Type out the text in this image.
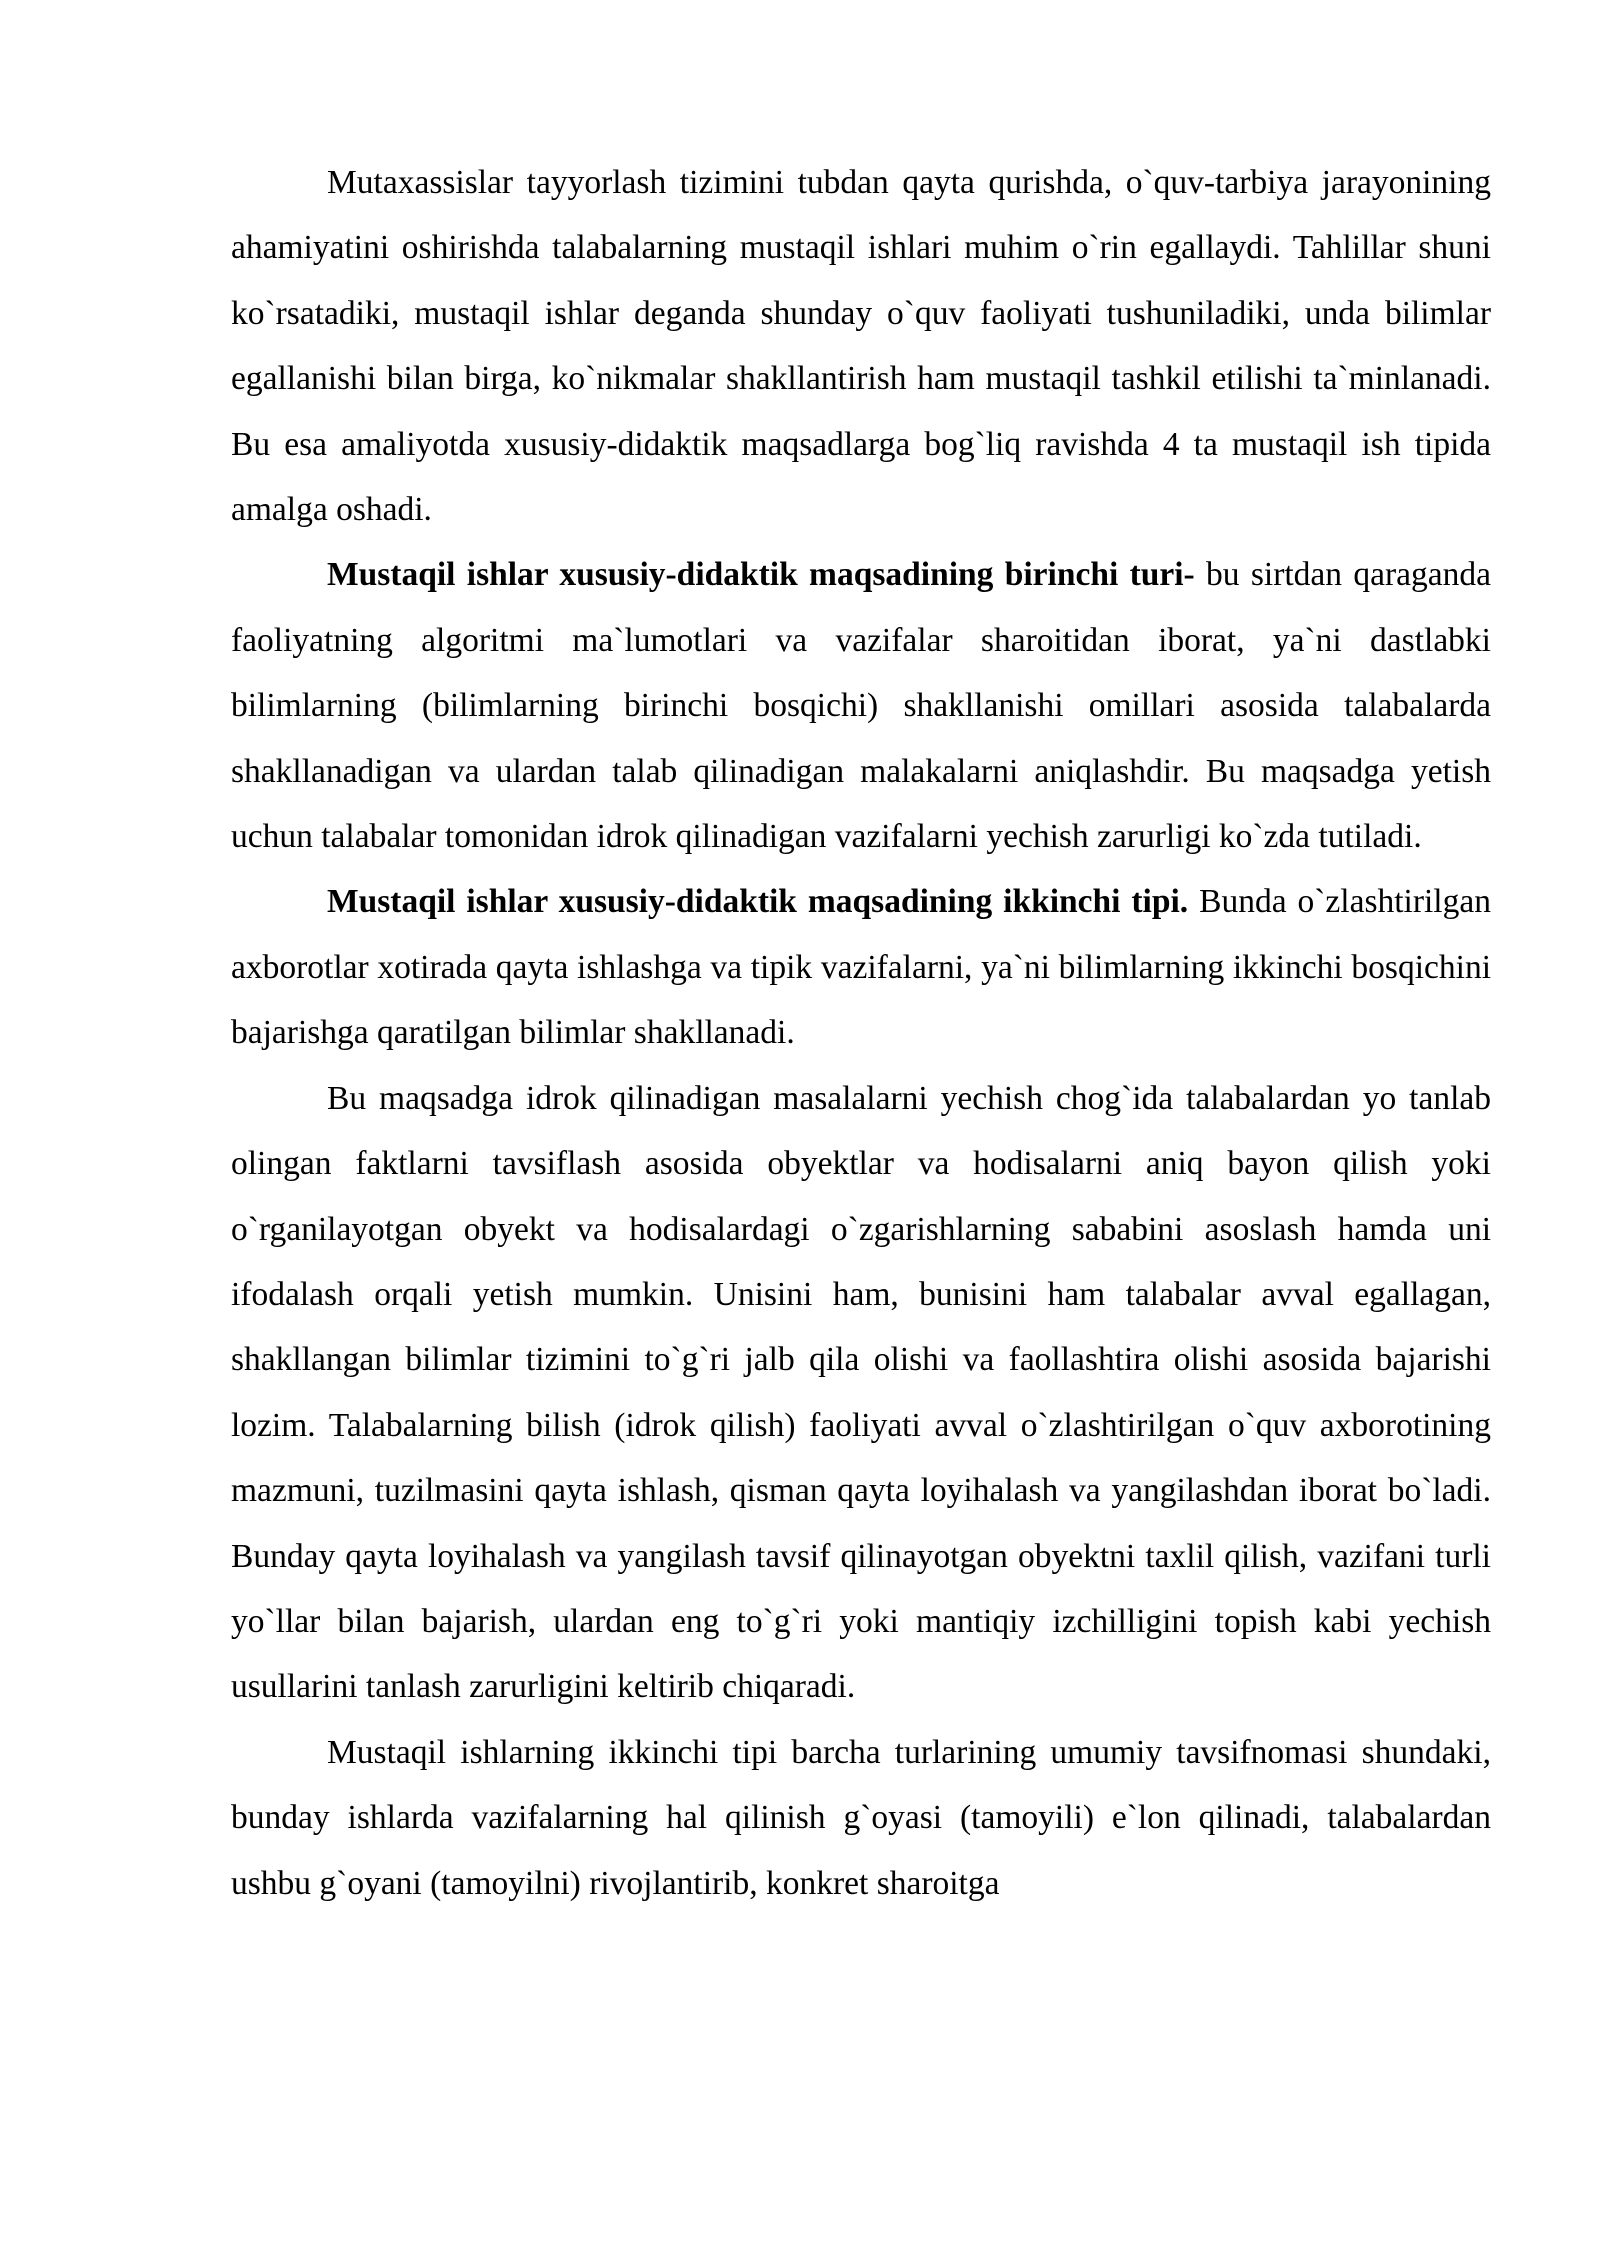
Mutaxassislar tayyorlash tizimini tubdan qayta qurishda, o`quv-tarbiya jarayonining ahamiyatini oshirishda talabalarning mustaqil ishlari muhim o`rin egallaydi. Tahlillar shuni ko`rsatadiki, mustaqil ishlar deganda shunday o`quv faoliyati tushuniladiki, unda bilimlar egallanishi bilan birga, ko`nikmalar shakllantirish ham mustaqil tashkil etilishi ta`minlanadi. Bu esa amaliyotda xususiy-didaktik maqsadlarga bog`liq ravishda 4 ta mustaqil ish tipida amalga oshadi.

Mustaqil ishlar xususiy-didaktik maqsadining birinchi turi- bu sirtdan qaraganda faoliyatning algoritmi ma`lumotlari va vazifalar sharoitidan iborat, ya`ni dastlabki bilimlarning (bilimlarning birinchi bosqichi) shakllanishi omillari asosida talabalarda shakllanadigan va ulardan talab qilinadigan malakalarni aniqlashdir. Bu maqsadga yetish uchun talabalar tomonidan idrok qilinadigan vazifalarni yechish zarurligi ko`zda tutiladi.

Mustaqil ishlar xususiy-didaktik maqsadining ikkinchi tipi. Bunda o`zlashtirilgan axborotlar xotirada qayta ishlashga va tipik vazifalarni, ya`ni bilimlarning ikkinchi bosqichini bajarishga qaratilgan bilimlar shakllanadi.

Bu maqsadga idrok qilinadigan masalalarni yechish chog`ida talabalardan yo tanlab olingan faktlarni tavsiflash asosida obyektlar va hodisalarni aniq bayon qilish yoki o`rganilayotgan obyekt va hodisalardagi o`zgarishlarning sababini asoslash hamda uni ifodalash orqali yetish mumkin. Unisini ham, bunisini ham talabalar avval egallagan, shakllangan bilimlar tizimini to`g`ri jalb qila olishi va faollashtira olishi asosida bajarishi lozim. Talabalarning bilish (idrok qilish) faoliyati avval o`zlashtirilgan o`quv axborotining mazmuni, tuzilmasini qayta ishlash, qisman qayta loyihalash va yangilashdan iborat bo`ladi. Bunday qayta loyihalash va yangilash tavsif qilinayotgan obyektni taxlil qilish, vazifani turli yo`llar bilan bajarish, ulardan eng to`g`ri yoki mantiqiy izchilligini topish kabi yechish usullarini tanlash zarurligini keltirib chiqaradi.

Mustaqil ishlarning ikkinchi tipi barcha turlarining umumiy tavsifnomasi shundaki, bunday ishlarda vazifalarning hal qilinish g`oyasi (tamoyili) e`lon qilinadi, talabalardan ushbu g`oyani (tamoyilni) rivojlantirib, konkret sharoitga
